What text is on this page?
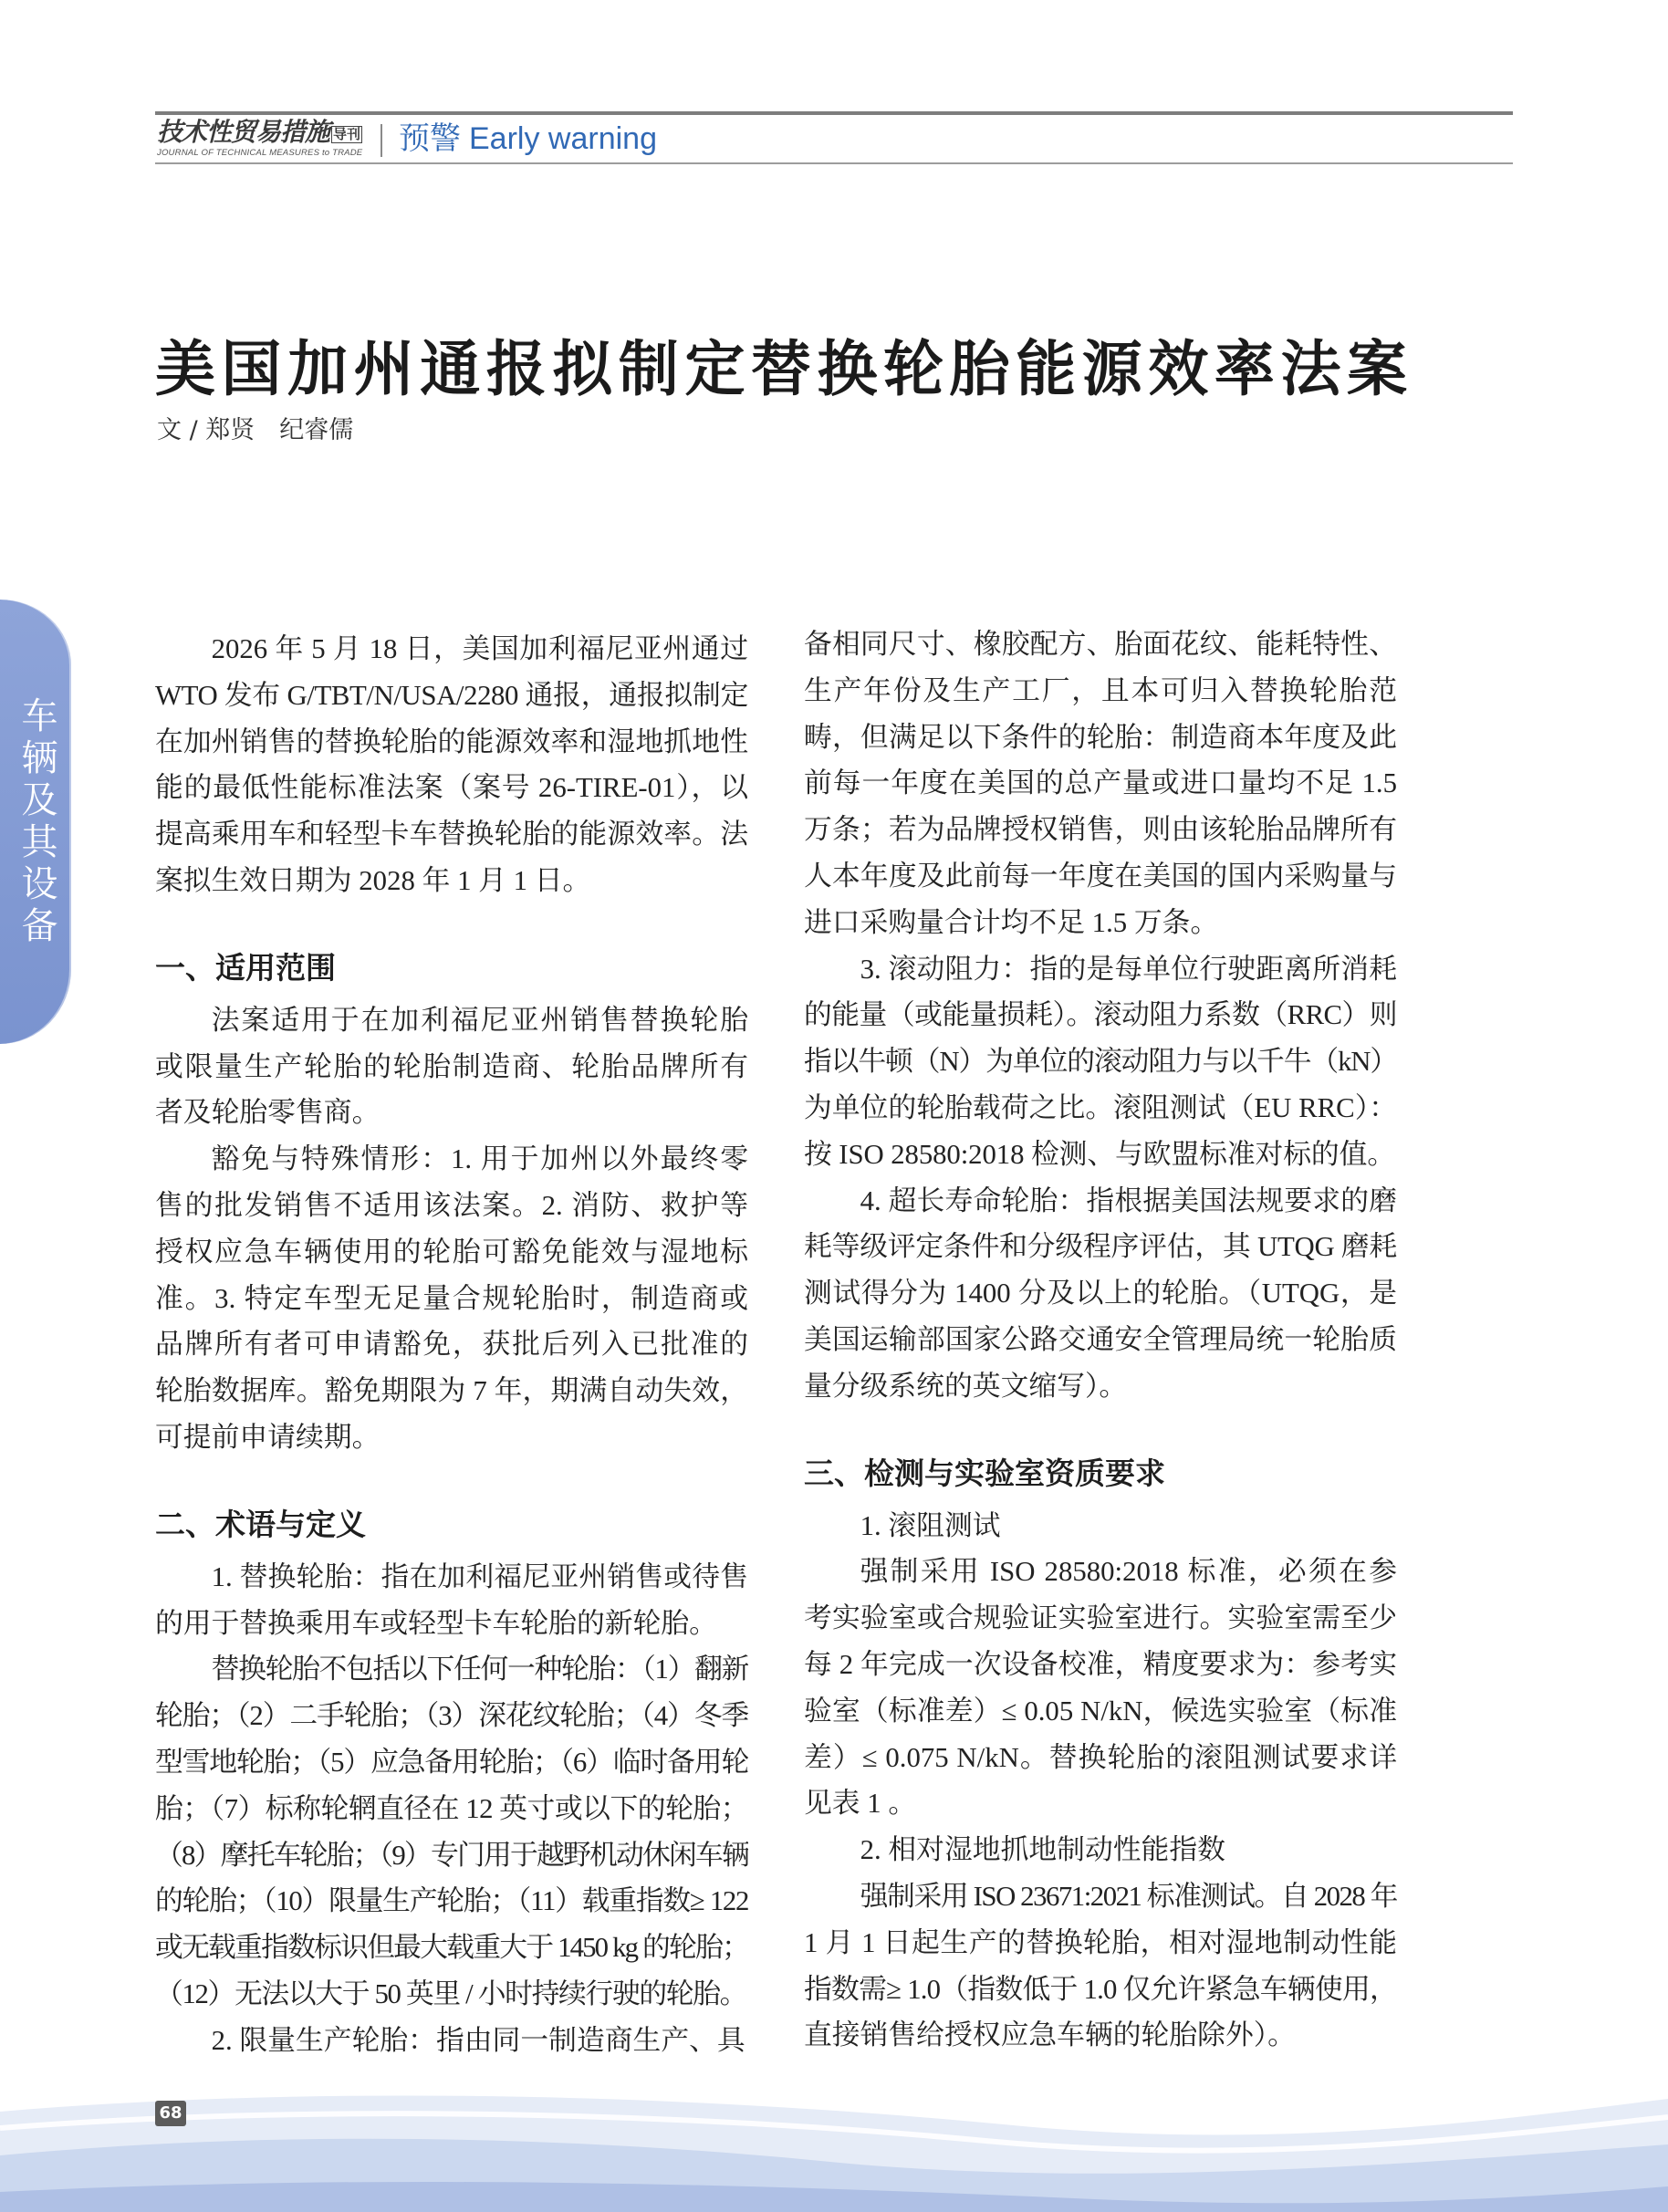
技术性贸易措施 导刊
JOURNAL OF TECHNICAL MEASURES to TRADE	预警 Early warning
美国加州通报拟制定替换轮胎能源效率法案
文 / 郑贤　纪睿儒
车辆及其设备
2026 年 5 月 18 日，美国加利福尼亚州通过
WTO 发布 G/TBT/N/USA/2280 通报，通报拟制定
在加州销售的替换轮胎的能源效率和湿地抓地性
能的最低性能标准法案（案号 26-TIRE-01），以
提高乘用车和轻型卡车替换轮胎的能源效率。法
案拟生效日期为 2028 年 1 月 1 日。
一、适用范围
法案适用于在加利福尼亚州销售替换轮胎
或限量生产轮胎的轮胎制造商、轮胎品牌所有
者及轮胎零售商。
豁免与特殊情形：1. 用于加州以外最终零
售的批发销售不适用该法案。2. 消防、救护等
授权应急车辆使用的轮胎可豁免能效与湿地标
准。3. 特定车型无足量合规轮胎时，制造商或
品牌所有者可申请豁免，获批后列入已批准的
轮胎数据库。豁免期限为 7 年，期满自动失效，
可提前申请续期。
二、术语与定义
1. 替换轮胎：指在加利福尼亚州销售或待售
的用于替换乘用车或轻型卡车轮胎的新轮胎。
替换轮胎不包括以下任何一种轮胎：（1）翻新
轮胎；（2）二手轮胎；（3）深花纹轮胎；（4）冬季
型雪地轮胎；（5）应急备用轮胎；（6）临时备用轮
胎；（7）标称轮辋直径在 12 英寸或以下的轮胎；
（8）摩托车轮胎；（9）专门用于越野机动休闲车辆
的轮胎；（10）限量生产轮胎；（11）载重指数≥ 122
或无载重指数标识但最大载重大于 1450 kg 的轮胎；
（12）无法以大于 50 英里 / 小时持续行驶的轮胎。
2. 限量生产轮胎：指由同一制造商生产、具
备相同尺寸、橡胶配方、胎面花纹、能耗特性、
生产年份及生产工厂，且本可归入替换轮胎范
畴，但满足以下条件的轮胎：制造商本年度及此
前每一年度在美国的总产量或进口量均不足 1.5
万条；若为品牌授权销售，则由该轮胎品牌所有
人本年度及此前每一年度在美国的国内采购量与
进口采购量合计均不足 1.5 万条。
3. 滚动阻力：指的是每单位行驶距离所消耗
的能量（或能量损耗）。滚动阻力系数（RRC）则
指以牛顿（N）为单位的滚动阻力与以千牛（kN）
为单位的轮胎载荷之比。滚阻测试（EU RRC）：
按 ISO 28580:2018 检测、与欧盟标准对标的值。
4. 超长寿命轮胎：指根据美国法规要求的磨
耗等级评定条件和分级程序评估，其 UTQG 磨耗
测试得分为 1400 分及以上的轮胎。（UTQG，是
美国运输部国家公路交通安全管理局统一轮胎质
量分级系统的英文缩写）。
三、检测与实验室资质要求
1. 滚阻测试
强制采用 ISO 28580:2018 标准，必须在参
考实验室或合规验证实验室进行。实验室需至少
每 2 年完成一次设备校准，精度要求为：参考实
验室（标准差）≤ 0.05 N/kN，候选实验室（标准
差）≤ 0.075 N/kN。替换轮胎的滚阻测试要求详
见表 1 。
2. 相对湿地抓地制动性能指数
强制采用 ISO 23671:2021 标准测试。自 2028 年
1 月 1 日起生产的替换轮胎，相对湿地制动性能
指数需≥ 1.0（指数低于 1.0 仅允许紧急车辆使用，
直接销售给授权应急车辆的轮胎除外）。
68
